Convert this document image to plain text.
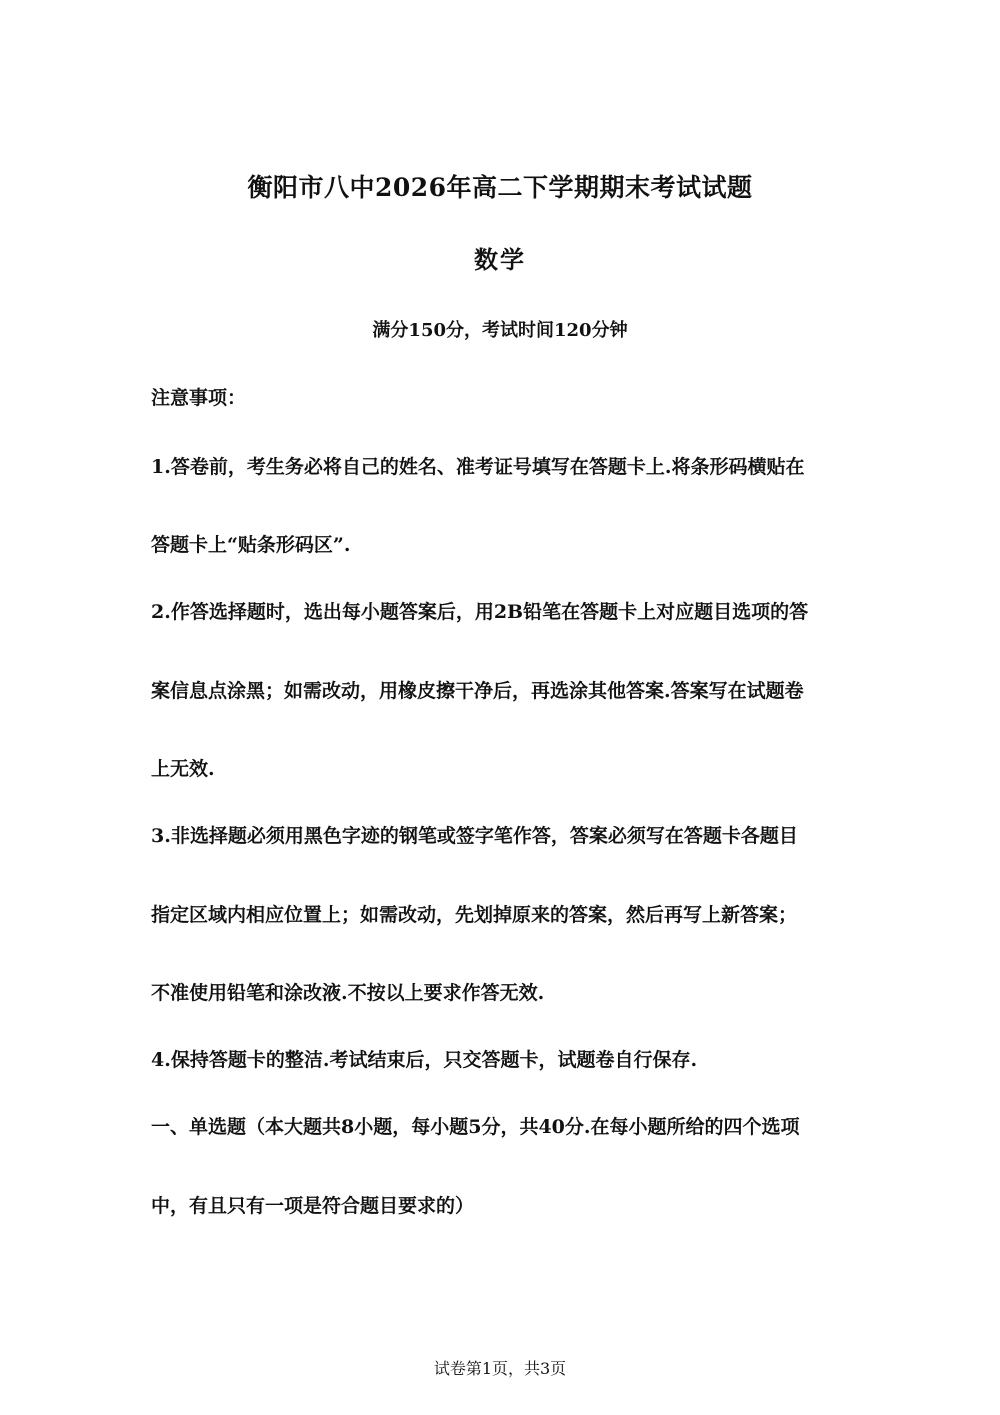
衡阳市八中2026年高二下学期期末考试试题
数学
满分150分，考试时间120分钟
注意事项：
1.答卷前，考生务必将自己的姓名、准考证号填写在答题卡上.将条形码横贴在
答题卡上“贴条形码区”.
2.作答选择题时，选出每小题答案后，用2B铅笔在答题卡上对应题目选项的答
案信息点涂黑；如需改动，用橡皮擦干净后，再选涂其他答案.答案写在试题卷
上无效.
3.非选择题必须用黑色字迹的钢笔或签字笔作答，答案必须写在答题卡各题目
指定区域内相应位置上；如需改动，先划掉原来的答案，然后再写上新答案；
不准使用铅笔和涂改液.不按以上要求作答无效.
4.保持答题卡的整洁.考试结束后，只交答题卡，试题卷自行保存.
一、单选题（本大题共8小题，每小题5分，共40分.在每小题所给的四个选项
中，有且只有一项是符合题目要求的）
试卷第1页，共3页
